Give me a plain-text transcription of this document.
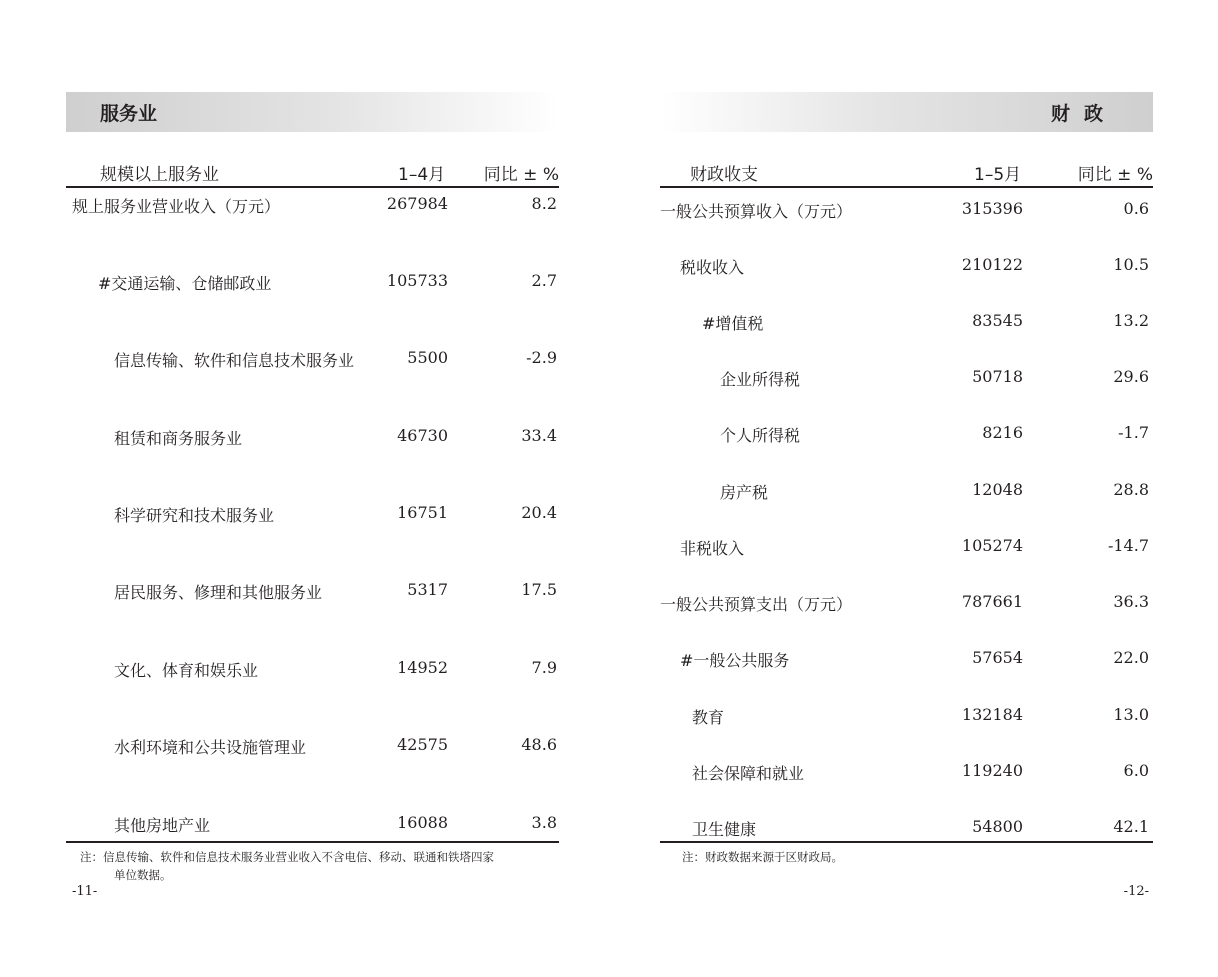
服务业
规模以上服务业	1–4月 同比 ± %
规上服务业营业收入（万元）	267984	8.2
#交通运输、仓储邮政业	105733	2.7
信息传输、软件和信息技术服务业	5500	-2.9
租赁和商务服务业	46730	33.4
科学研究和技术服务业	16751	20.4
居民服务、修理和其他服务业	5317	17.5
文化、体育和娱乐业	14952	7.9
水利环境和公共设施管理业	42575	48.6
其他房地产业	16088	3.8
注：信息传输、软件和信息技术服务业营业收入不含电信、移动、联通和铁塔四家
单位数据。
-11-
财政
财政收支	1–5月	同比 ± %
一般公共预算收入（万元）	315396	0.6
税收收入	210122	10.5
#增值税	83545	13.2
企业所得税	50718	29.6
个人所得税	8216	-1.7
房产税	12048	28.8
非税收入	105274	-14.7
一般公共预算支出（万元）	787661	36.3
#一般公共服务	57654	22.0
教育	132184	13.0
社会保障和就业	119240	6.0
卫生健康	54800	42.1
注：财政数据来源于区财政局。
-12-
